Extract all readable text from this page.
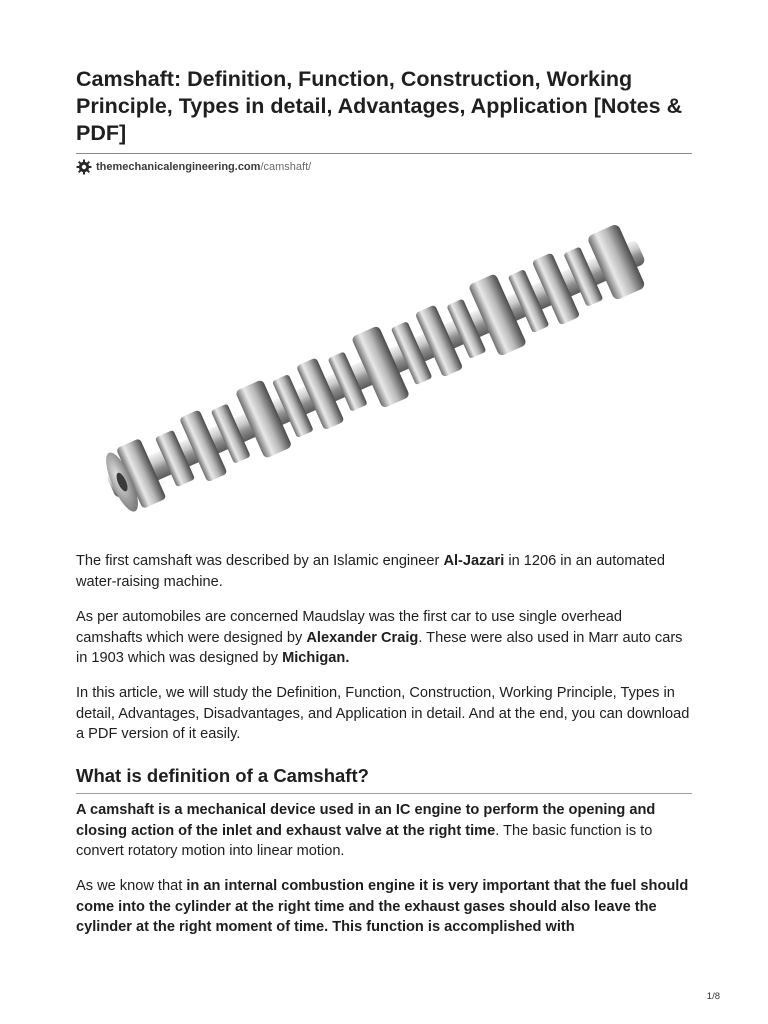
Camshaft: Definition, Function, Construction, Working Principle, Types in detail, Advantages, Application [Notes & PDF]
themechanicalengineering.com /camshaft/

The first camshaft was described by an Islamic engineer Al-Jazari in 1206 in an automated water-raising machine.

As per automobiles are concerned Maudslay was the first car to use single overhead camshafts which were designed by Alexander Craig. These were also used in Marr auto cars in 1903 which was designed by Michigan.

In this article, we will study the Definition, Function, Construction, Working Principle, Types in detail, Advantages, Disadvantages, and Application in detail. And at the end, you can download a PDF version of it easily.

What is definition of a Camshaft?

A camshaft is a mechanical device used in an IC engine to perform the opening and closing action of the inlet and exhaust valve at the right time. The basic function is to convert rotatory motion into linear motion.

As we know that in an internal combustion engine it is very important that the fuel should come into the cylinder at the right time and the exhaust gases should also leave the cylinder at the right moment of time. This function is accomplished with

1/8
